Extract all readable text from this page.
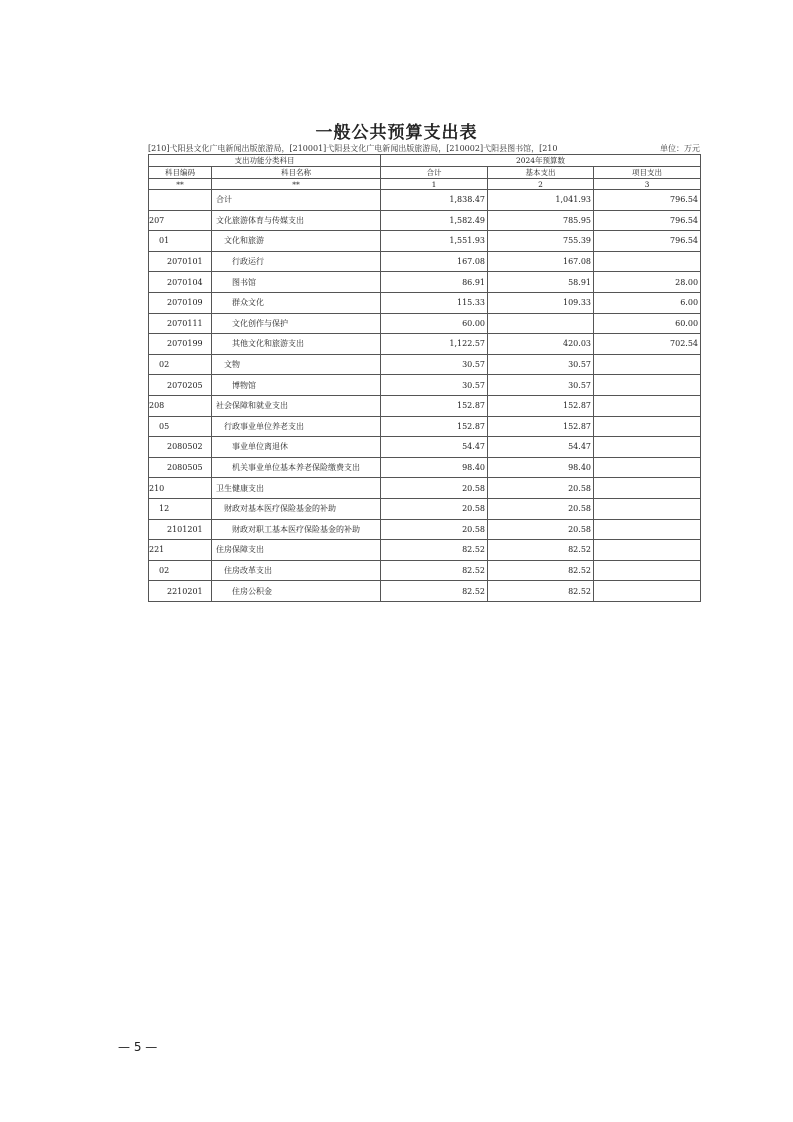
一般公共预算支出表
[210]弋阳县文化广电新闻出版旅游局，[210001]弋阳县文化广电新闻出版旅游局，[210002]弋阳县图书馆，[210	单位：万元
支出功能分类科目		2024年预算数		
科目编码	科目名称	合计	基本支出	项目支出
**	**	1	2	3
	合计	1,838.47	1,041.93	796.54
207	文化旅游体育与传媒支出	1,582.49	785.95	796.54
01	文化和旅游	1,551.93	755.39	796.54
2070101	行政运行	167.08	167.08	
2070104	图书馆	86.91	58.91	28.00
2070109	群众文化	115.33	109.33	6.00
2070111	文化创作与保护	60.00		60.00
2070199	其他文化和旅游支出	1,122.57	420.03	702.54
02	文物	30.57	30.57	
2070205	博物馆	30.57	30.57	
208	社会保障和就业支出	152.87	152.87	
05	行政事业单位养老支出	152.87	152.87	
2080502	事业单位离退休	54.47	54.47	
2080505	机关事业单位基本养老保险缴费支出	98.40	98.40	
210	卫生健康支出	20.58	20.58	
12	财政对基本医疗保险基金的补助	20.58	20.58	
2101201	财政对职工基本医疗保险基金的补助	20.58	20.58	
221	住房保障支出	82.52	82.52	
02	住房改革支出	82.52	82.52	
2210201	住房公积金	82.52	82.52	
— 5 —
